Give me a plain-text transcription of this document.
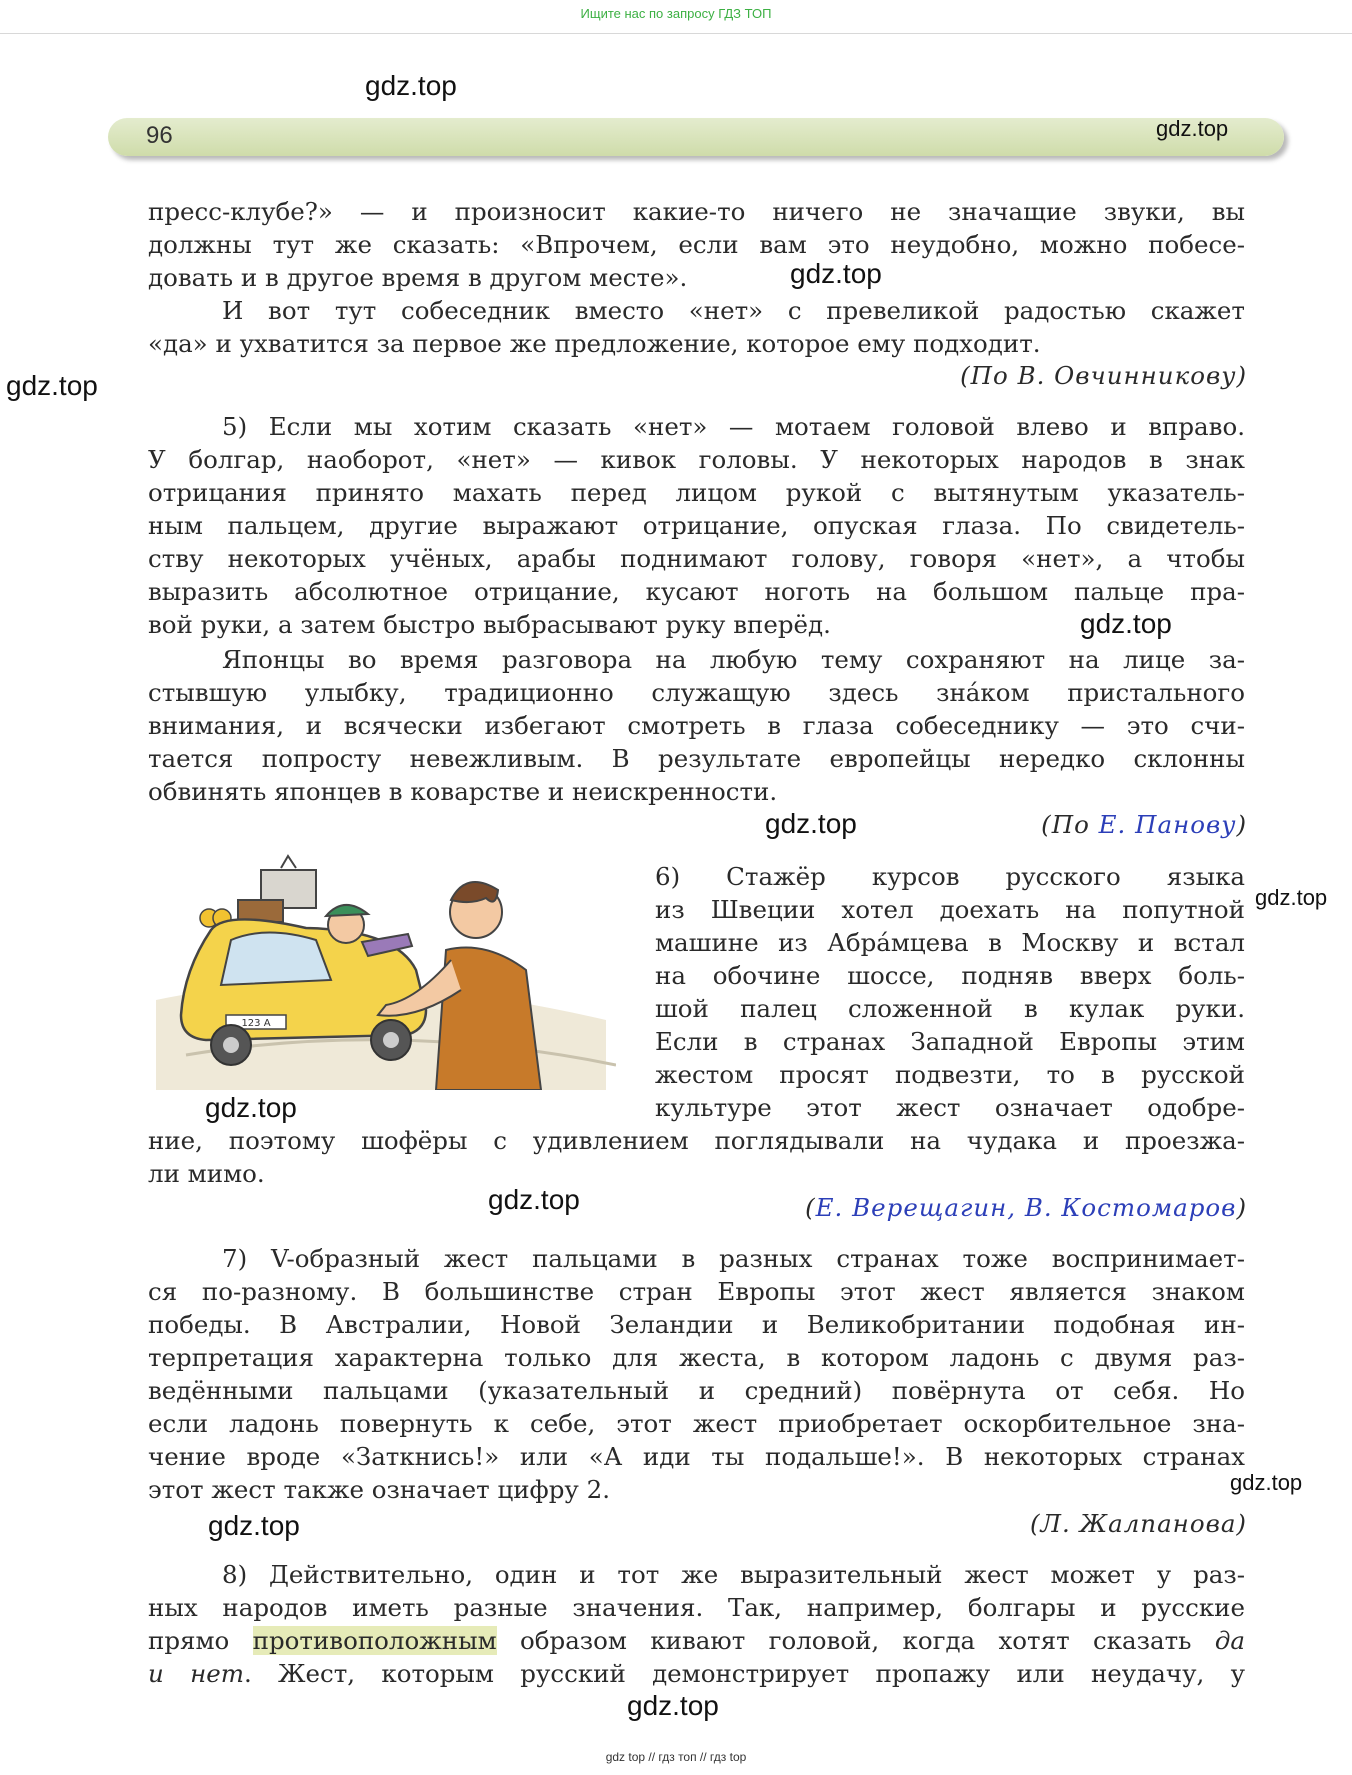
Ищите нас по запросу ГДЗ ТОП
96
пресс-клубе?» — и произносит какие-то ничего не значащие звуки, вы
должны тут же сказать: «Впрочем, если вам это неудобно, можно побесе-
довать и в другое время в другом месте».
И вот тут собеседник вместо «нет» с превеликой радостью скажет
«да» и ухватится за первое же предложение, которое ему подходит.
(По В. Овчинникову)
5) Если мы хотим сказать «нет» — мотаем головой влево и вправо.
У болгар, наоборот, «нет» — кивок головы. У некоторых народов в знак
отрицания принято махать перед лицом рукой с вытянутым указатель-
ным пальцем, другие выражают отрицание, опуская глаза. По свидетель-
ству некоторых учёных, арабы поднимают голову, говоря «нет», а чтобы
выразить абсолютное отрицание, кусают ноготь на большом пальце пра-
вой руки, а затем быстро выбрасывают руку вперёд.
Японцы во время разговора на любую тему сохраняют на лице за-
стывшую улыбку, традиционно служащую здесь зна́ком пристального
внимания, и всячески избегают смотреть в глаза собеседнику — это счи-
тается попросту невежливым. В результате европейцы нередко склонны
обвинять японцев в коварстве и неискренности.
(По Е. Панову)
123 А
6) Стажёр курсов русского языка
из Швеции хотел доехать на попутной
машине из Абра́мцева в Москву и встал
на обочине шоссе, подняв вверх боль-
шой палец сложенной в кулак руки.
Если в странах Западной Европы этим
жестом просят подвезти, то в русской
культуре этот жест означает одобре-
ние, поэтому шофёры с удивлением поглядывали на чудака и проезжа-
ли мимо.
(Е. Верещагин, В. Костомаров)
7) V-образный жест пальцами в разных странах тоже воспринимает-
ся по-разному. В большинстве стран Европы этот жест является знаком
победы. В Австралии, Новой Зеландии и Великобритании подобная ин-
терпретация характерна только для жеста, в котором ладонь с двумя раз-
ведёнными пальцами (указательный и средний) повёрнута от себя. Но
если ладонь повернуть к себе, этот жест приобретает оскорбительное зна-
чение вроде «Заткнись!» или «А иди ты подальше!». В некоторых странах
этот жест также означает цифру 2.
(Л. Жалпанова)
8) Действительно, один и тот же выразительный жест может у раз-
ных народов иметь разные значения. Так, например, болгары и русские
прямо противоположным образом кивают головой, когда хотят сказать да
и нет. Жест, которым русский демонстрирует пропажу или неудачу, у
gdz.top
gdz.top
gdz.top
gdz.top
gdz.top
gdz.top
gdz.top
gdz.top
gdz.top
gdz.top
gdz.top
gdz.top
gdz top // гдз топ // гдз top
